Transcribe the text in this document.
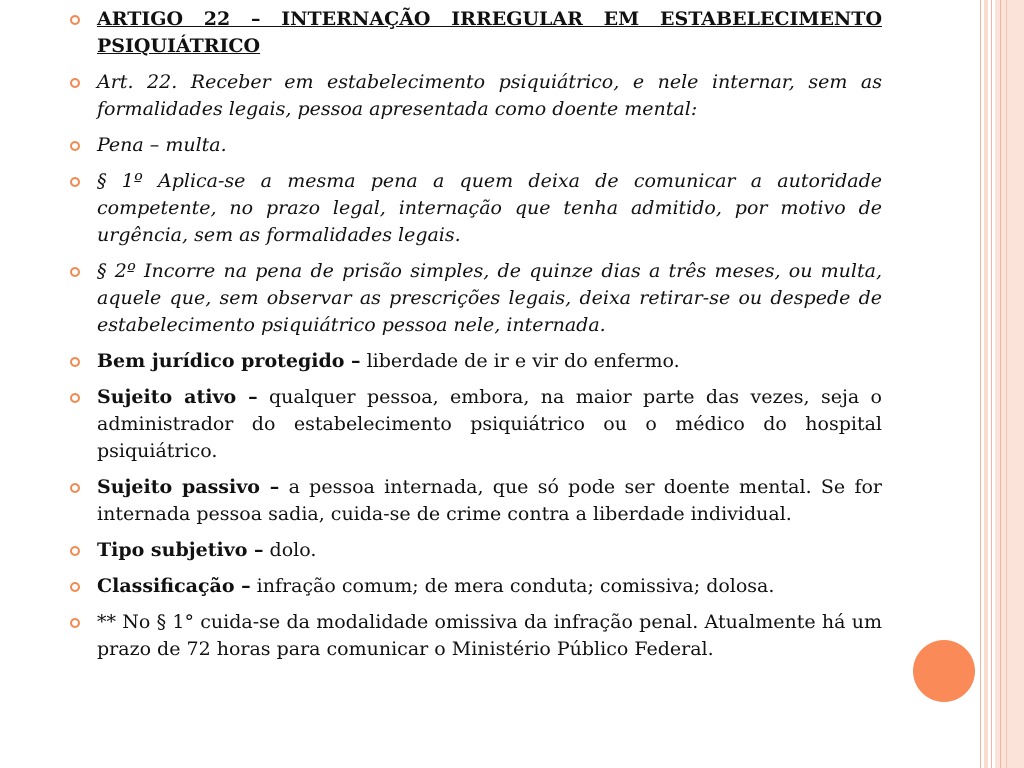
ARTIGO 22 – INTERNAÇÃO IRREGULAR EM ESTABELECIMENTO PSIQUIÁTRICO
Art. 22. Receber em estabelecimento psiquiátrico, e nele internar, sem as formalidades legais, pessoa apresentada como doente mental:
Pena – multa.
§ 1º Aplica-se a mesma pena a quem deixa de comunicar a autoridade competente, no prazo legal, internação que tenha admitido, por motivo de urgência, sem as formalidades legais.
§ 2º Incorre na pena de prisão simples, de quinze dias a três meses, ou multa, aquele que, sem observar as prescrições legais, deixa retirar-se ou despede de estabelecimento psiquiátrico pessoa nele, internada.
Bem jurídico protegido – liberdade de ir e vir do enfermo.
Sujeito ativo – qualquer pessoa, embora, na maior parte das vezes, seja o administrador do estabelecimento psiquiátrico ou o médico do hospital psiquiátrico.
Sujeito passivo – a pessoa internada, que só pode ser doente mental. Se for internada pessoa sadia, cuida-se de crime contra a liberdade individual.
Tipo subjetivo – dolo.
Classificação – infração comum; de mera conduta; comissiva; dolosa.
** No § 1° cuida-se da modalidade omissiva da infração penal. Atualmente há um prazo de 72 horas para comunicar o Ministério Público Federal.
